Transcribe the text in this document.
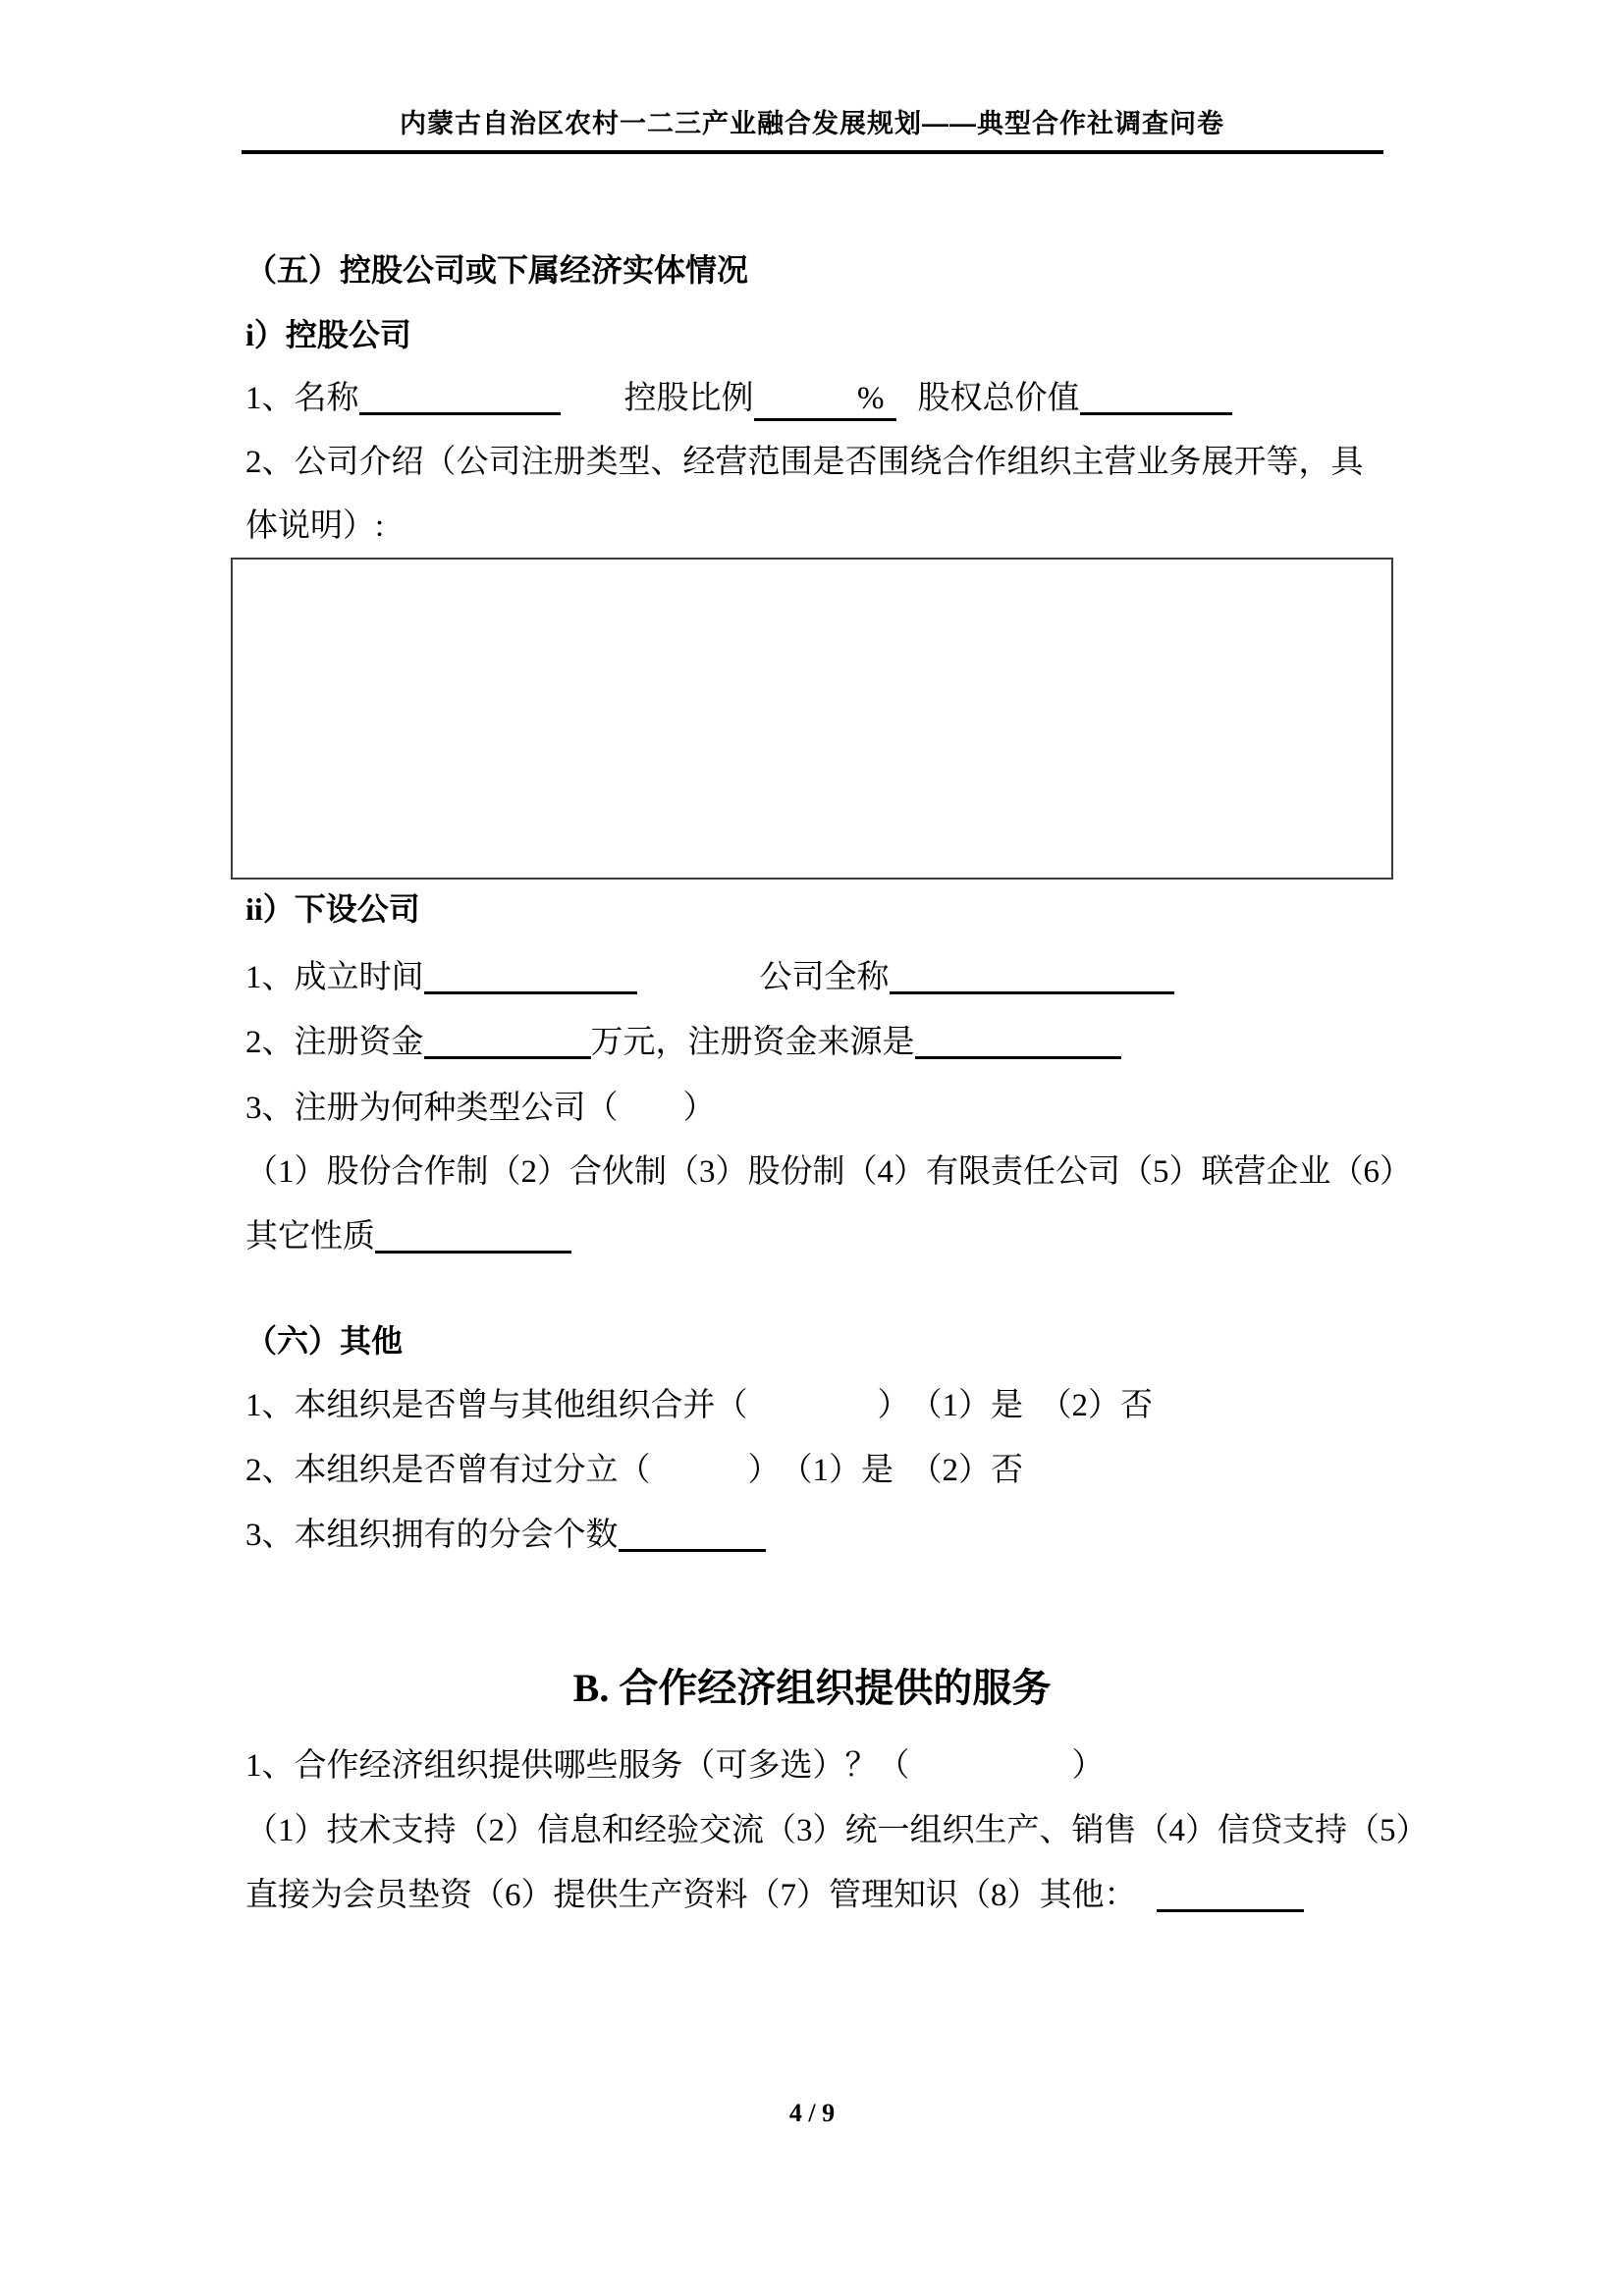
内蒙古自治区农村一二三产业融合发展规划——典型合作社调查问卷
（五）控股公司或下属经济实体情况
i）控股公司
1、名称	控股比例	% 股权总价值
2、公司介绍（公司注册类型、经营范围是否围绕合作组织主营业务展开等，具
体说明）:
ii）下设公司
1、成立时间	公司全称
2、注册资金	万元，注册资金来源是
3、注册为何种类型公司（　　）
（1）股份合作制（2）合伙制（3）股份制（4）有限责任公司（5）联营企业（6）
其它性质
（六）其他
1、本组织是否曾与其他组织合并（　　　　）　（1）是　（2）否
2、本组织是否曾有过分立（　　　）　（1）是　（2）否
3、本组织拥有的分会个数
B. 合作经济组织提供的服务
1、合作经济组织提供哪些服务（可多选）？（　　　　　）
（1）技术支持（2）信息和经验交流（3）统一组织生产、销售（4）信贷支持（5）
直接为会员垫资（6）提供生产资料（7）管理知识（8）其他：
4 / 9
